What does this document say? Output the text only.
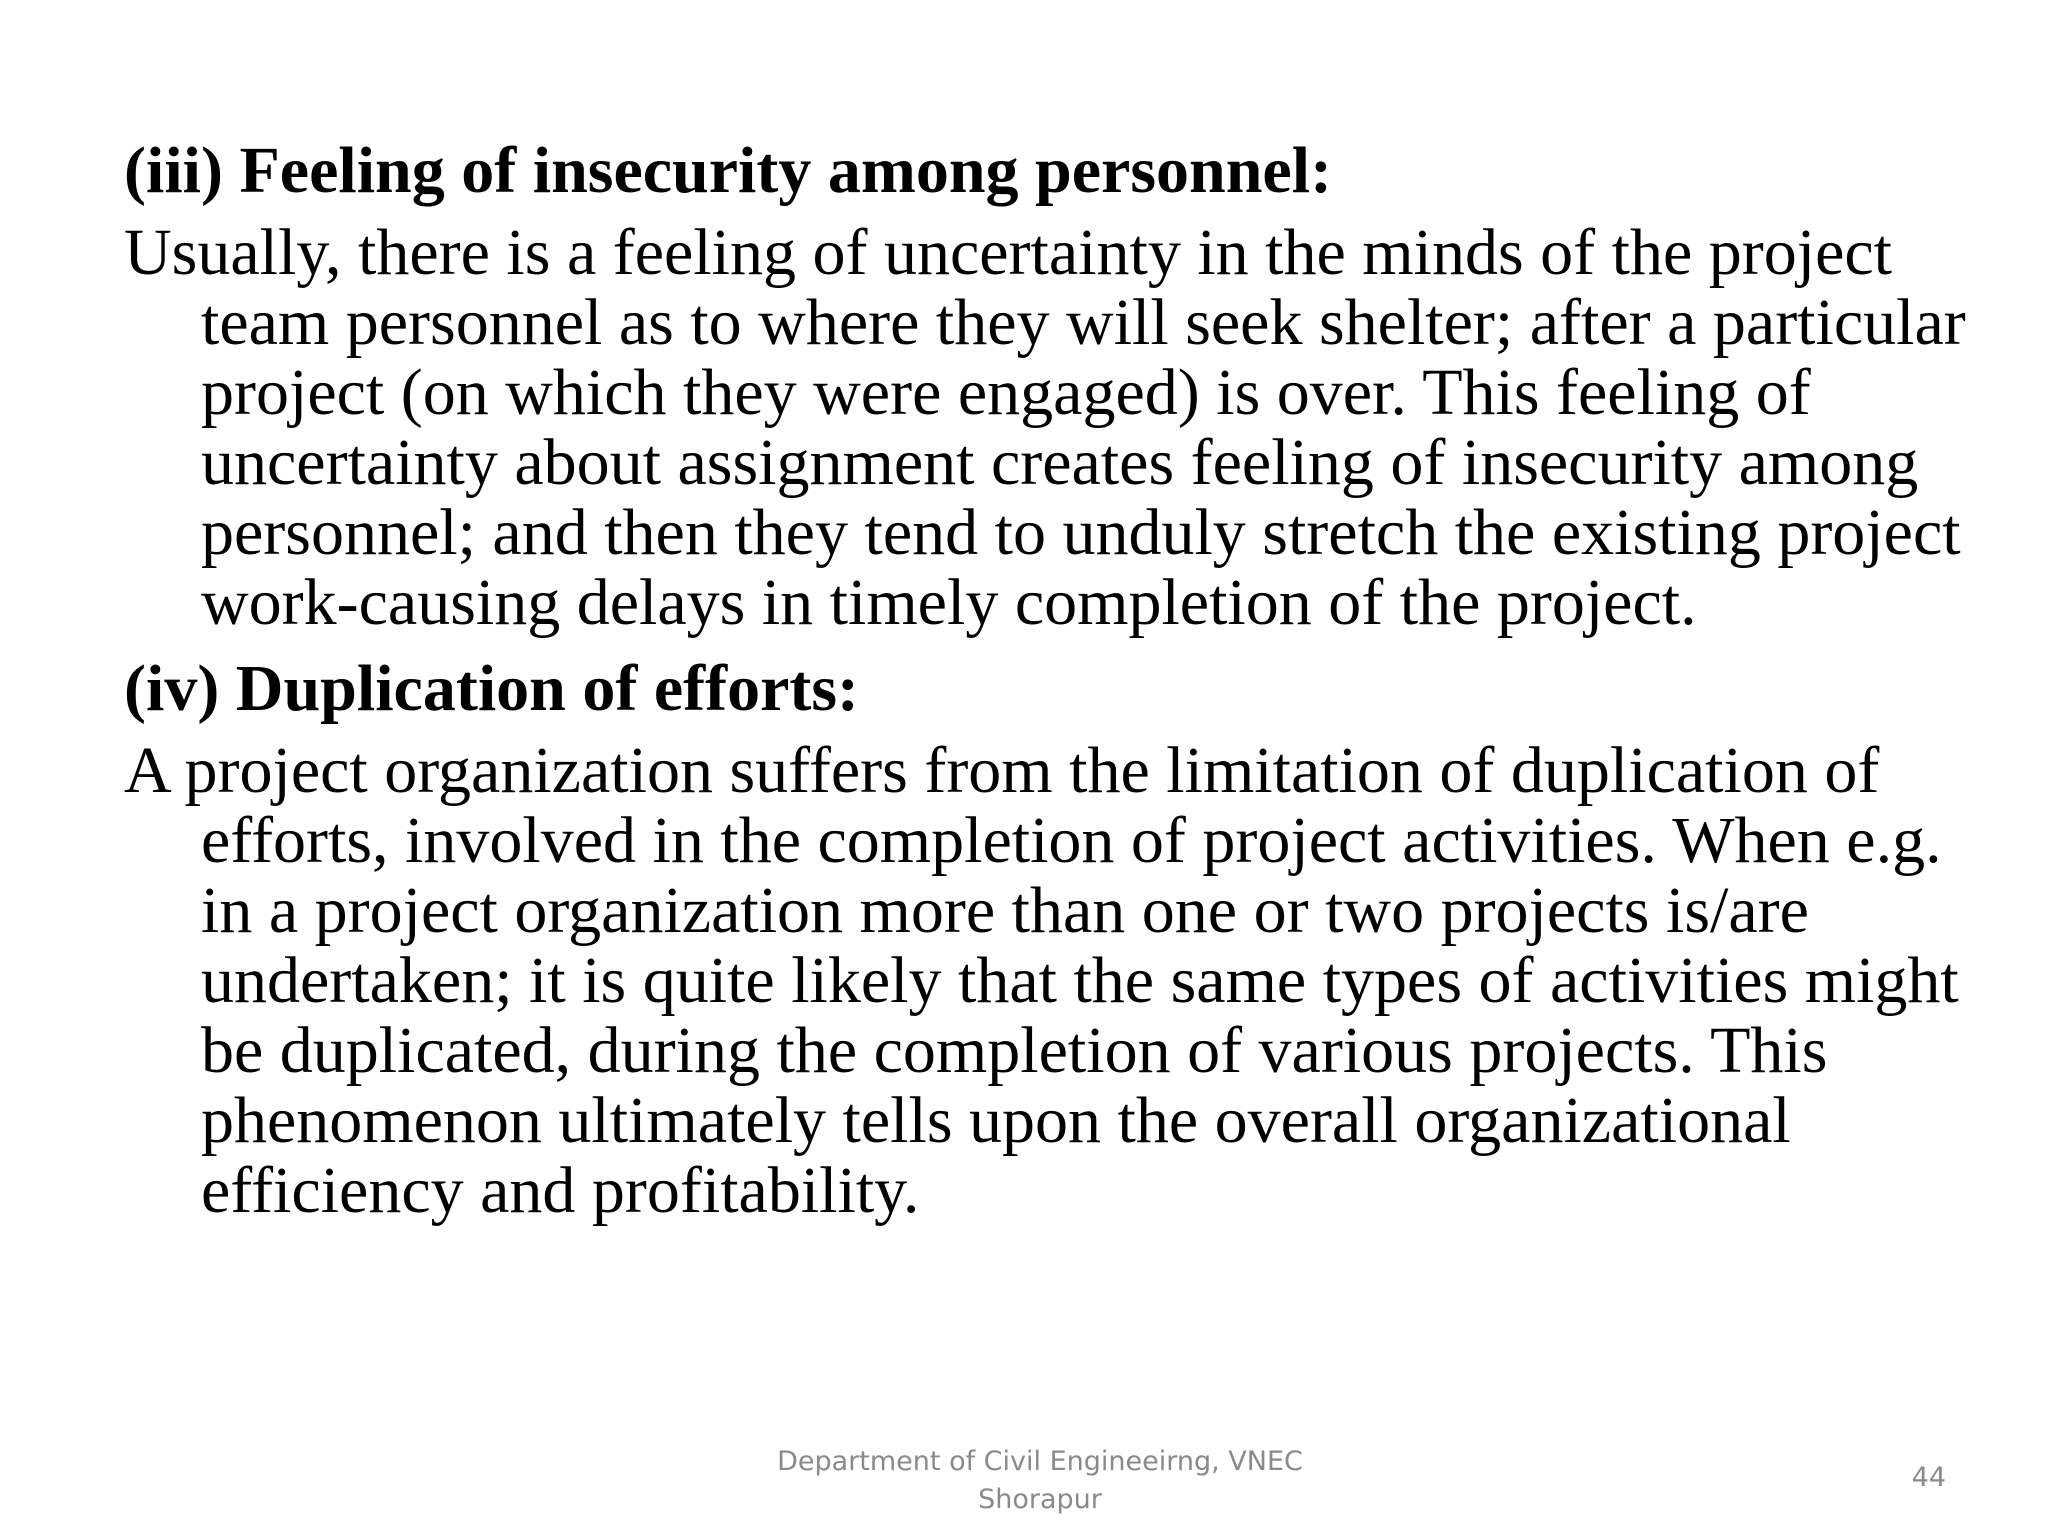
(iii) Feeling of insecurity among personnel:

Usually, there is a feeling of uncertainty in the minds of the project team personnel as to where they will seek shelter; after a particular project (on which they were engaged) is over. This feeling of uncertainty about assignment creates feeling of insecurity among personnel; and then they tend to unduly stretch the existing project work-causing delays in timely completion of the project.

(iv) Duplication of efforts:

A project organization suffers from the limitation of duplication of efforts, involved in the completion of project activities. When e.g. in a project organization more than one or two projects is/are undertaken; it is quite likely that the same types of activities might be duplicated, during the completion of various projects. This phenomenon ultimately tells upon the overall organizational efficiency and profitability.

Department of Civil Engineeirng, VNEC
Shorapur
44
